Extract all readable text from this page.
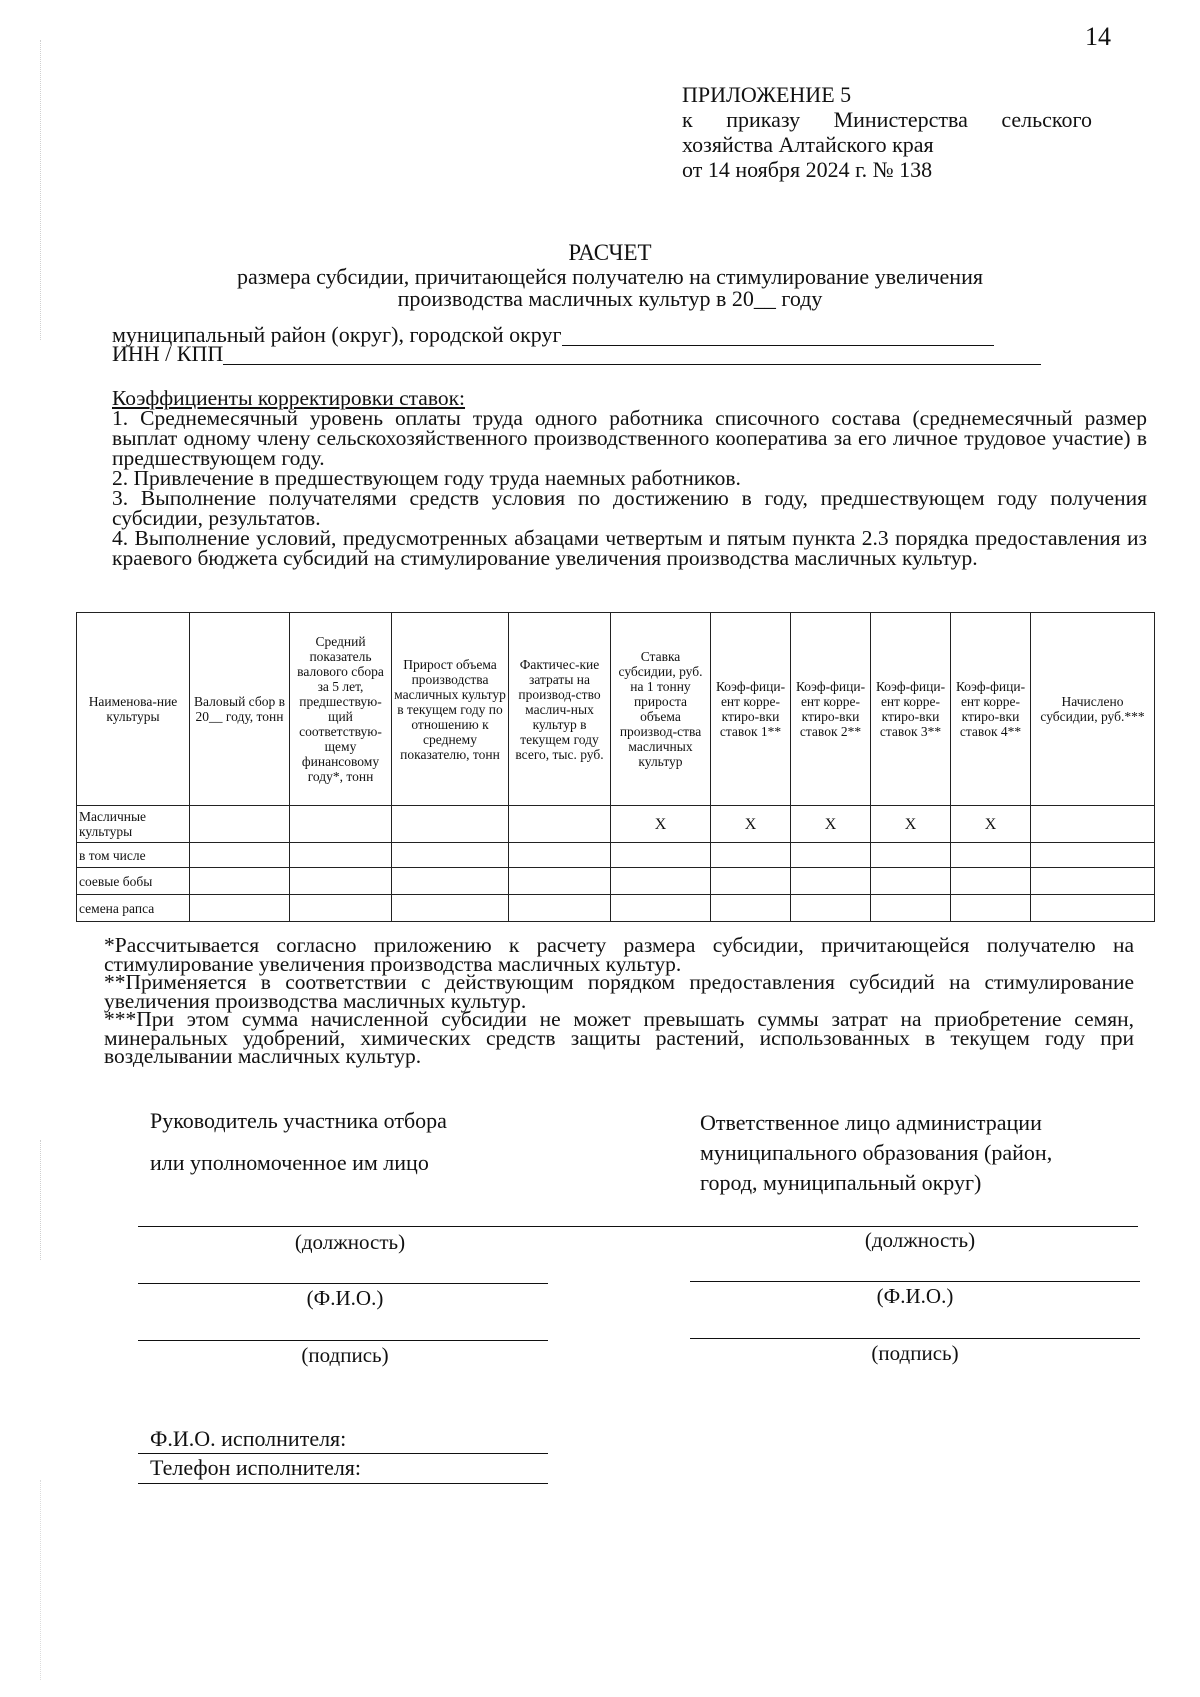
14
ПРИЛОЖЕНИЕ 5
к приказу Министерства сельского
хозяйства Алтайского края
от 14 ноября 2024 г. № 138
РАСЧЕТ
размера субсидии, причитающейся получателю на стимулирование увеличения
производства масличных культур в 20__ году
муниципальный район (округ), городской округ
ИНН / КПП

Коэффициенты корректировки ставок:

1. Среднемесячный уровень оплаты труда одного работника списочного состава (среднемесячный размер выплат одному члену сельскохозяйственного производственного кооператива за его личное трудовое участие) в предшествующем году.

2. Привлечение в предшествующем году труда наемных работников.

3. Выполнение получателями средств условия по достижению в году, предшествующем году получения субсидии, результатов.

4. Выполнение условий, предусмотренных абзацами четвертым и пятым пункта 2.3 порядка предоставления из краевого бюджета субсидий на стимулирование увеличения производства масличных культур.

Наименова-ние культуры	Валовый сбор в 20__ году, тонн	Средний показатель валового сбора за 5 лет, предшествую-щий соответствую-щему финансовому году*, тонн	Прирост объема производства масличных культур в текущем году по отношению к среднему показателю, тонн	Фактичес-кие затраты на производ-ство маслич-ных культур в текущем году всего, тыс. руб.	Ставка субсидии, руб. на 1 тонну прироста объема производ-ства масличных культур	Коэф-фици-ент корре-ктиро-вки ставок 1**	Коэф-фици-ент корре-ктиро-вки ставок 2**	Коэф-фици-ент корре-ктиро-вки ставок 3**	Коэф-фици-ент корре-ктиро-вки ставок 4**	Начислено субсидии, руб.***
Масличные культуры					X	X	X	X	X	
в том числе										
соевые бобы										
семена рапса										

*Рассчитывается согласно приложению к расчету размера субсидии, причитающейся получателю на стимулирование увеличения производства масличных культур.

**Применяется в соответствии с действующим порядком предоставления субсидий на стимулирование увеличения производства масличных культур.

***При этом сумма начисленной субсидии не может превышать суммы затрат на приобретение семян, минеральных удобрений, химических средств защиты растений, использованных в текущем году при возделывании масличных культур.

Руководитель участника отбора
или уполномоченное им лицо
Ответственное лицо администрации муниципального образования (район, город, муниципальный округ)
(должность)	(должность)
(Ф.И.О.)	(Ф.И.О.)
(подпись)	(подпись)
Ф.И.О. исполнителя:
Телефон исполнителя:
